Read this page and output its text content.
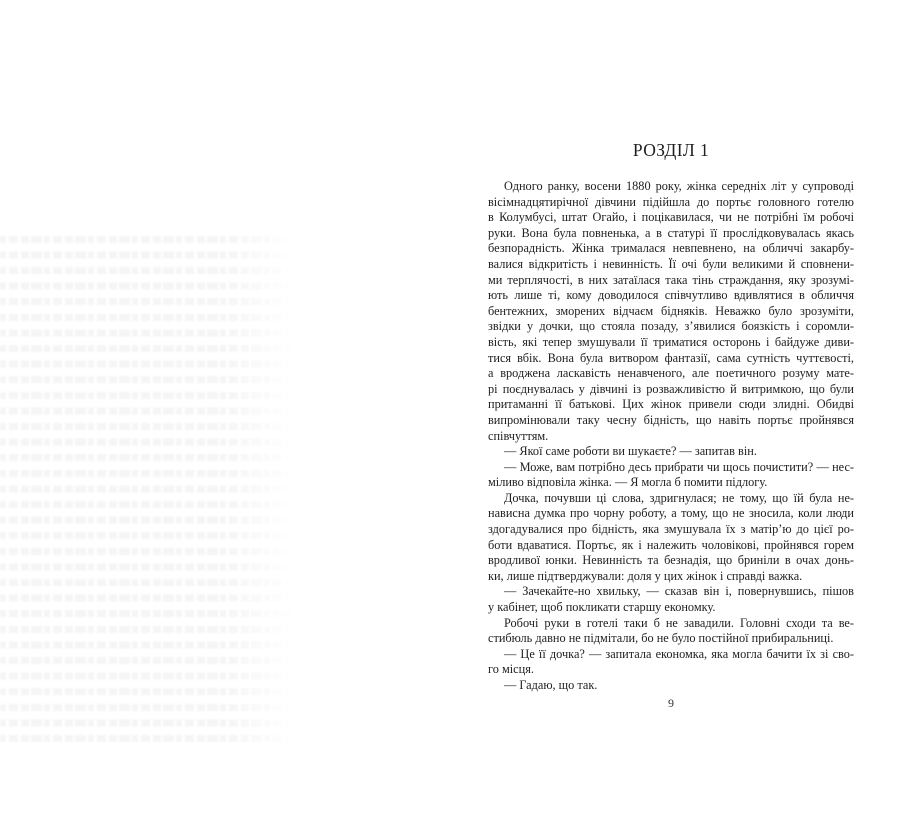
РОЗДІЛ 1
Одного ранку, восени 1880 року, жінка середніх літ у супроводі
вісімнадцятирічної дівчини підійшла до портьє головного готелю
в Колумбусі, штат Огайо, і поцікавилася, чи не потрібні їм робочі
руки. Вона була повненька, а в статурі її прослідковувалась якась
безпорадність. Жінка трималася невпевнено, на обличчі закарбу-
валися відкритість і невинність. Її очі були великими й сповнени-
ми терплячості, в них затаїлася така тінь страждання, яку зрозумі-
ють лише ті, кому доводилося співчутливо вдивлятися в обличчя
бентежних, зморених відчаєм бідняків. Неважко було зрозуміти,
звідки у дочки, що стояла позаду, з’явилися боязкість і соромли-
вість, які тепер змушували її триматися осторонь і байдуже диви-
тися вбік. Вона була витвором фантазії, сама сутність чуттєвості,
а вроджена ласкавість ненавченого, але поетичного розуму мате-
рі поєднувалась у дівчині із розважливістю й витримкою, що були
притаманні її батькові. Цих жінок привели сюди злидні. Обидві
випромінювали таку чесну бідність, що навіть портьє пройнявся
співчуттям.
— Якої саме роботи ви шукаєте? — запитав він.
— Може, вам потрібно десь прибрати чи щось почистити? — нес-
міливо відповіла жінка. — Я могла б помити підлогу.
Дочка, почувши ці слова, здригнулася; не тому, що їй була не-
нависна думка про чорну роботу, а тому, що не зносила, коли люди
здогадувалися про бідність, яка змушувала їх з матір’ю до цієї ро-
боти вдаватися. Портьє, як і належить чоловікові, пройнявся горем
вродливої юнки. Невинність та безнадія, що бриніли в очах донь-
ки, лише підтверджували: доля у цих жінок і справді важка.
— Зачекайте-но хвильку, — сказав він і, повернувшись, пішов
у кабінет, щоб покликати старшу економку.
Робочі руки в готелі таки б не завадили. Головні сходи та ве-
стибюль давно не підмітали, бо не було постійної прибиральниці.
— Це її дочка? — запитала економка, яка могла бачити їх зі сво-
го місця.
— Гадаю, що так.
9
